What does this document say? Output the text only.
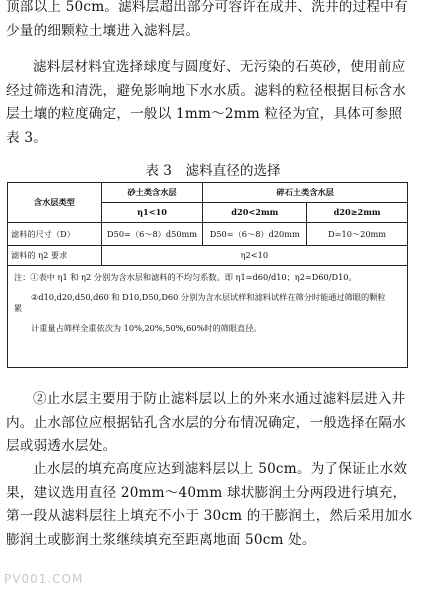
顶部以上 50cm。滤料层超出部分可容许在成井、洗井的过程中有少量的细颗粒土壤进入滤料层。

滤料层材料宜选择球度与圆度好、无污染的石英砂，使用前应经过筛选和清洗，避免影响地下水水质。滤料的粒径根据目标含水层土壤的粒度确定，一般以 1mm～2mm 粒径为宜，具体可参照表 3。

表 3　滤料直径的选择
含水层类型	砂土类含水层	碎石土类含水层	
	η1<10	d20<2mm	d20≥2mm
滤料的尺寸（D）	D50=（6～8）d50mm	D50=（6～8）d20mm	D=10～20mm
滤料的 η2 要求	η2<10		

注：①表中 η1 和 η2 分别为含水层和滤料的不均匀系数。即 η1=d60/d10；η2=D60/D10。
②d10,d20,d50,d60 和 D10,D50,D60 分别为含水层试样和滤料试样在筛分时能通过筛眼的颗粒
累
计重量占筛样全重依次为 10%,20%,50%,60%时的筛眼直径。			

②止水层主要用于防止滤料层以上的外来水通过滤料层进入井内。止水部位应根据钻孔含水层的分布情况确定，一般选择在隔水层或弱透水层处。

止水层的填充高度应达到滤料层以上 50cm。为了保证止水效果，建议选用直径 20mm～40mm 球状膨润土分两段进行填充，第一段从滤料层往上填充不小于 30cm 的干膨润土，然后采用加水膨润土或膨润土浆继续填充至距离地面 50cm 处。

PV001.COM
